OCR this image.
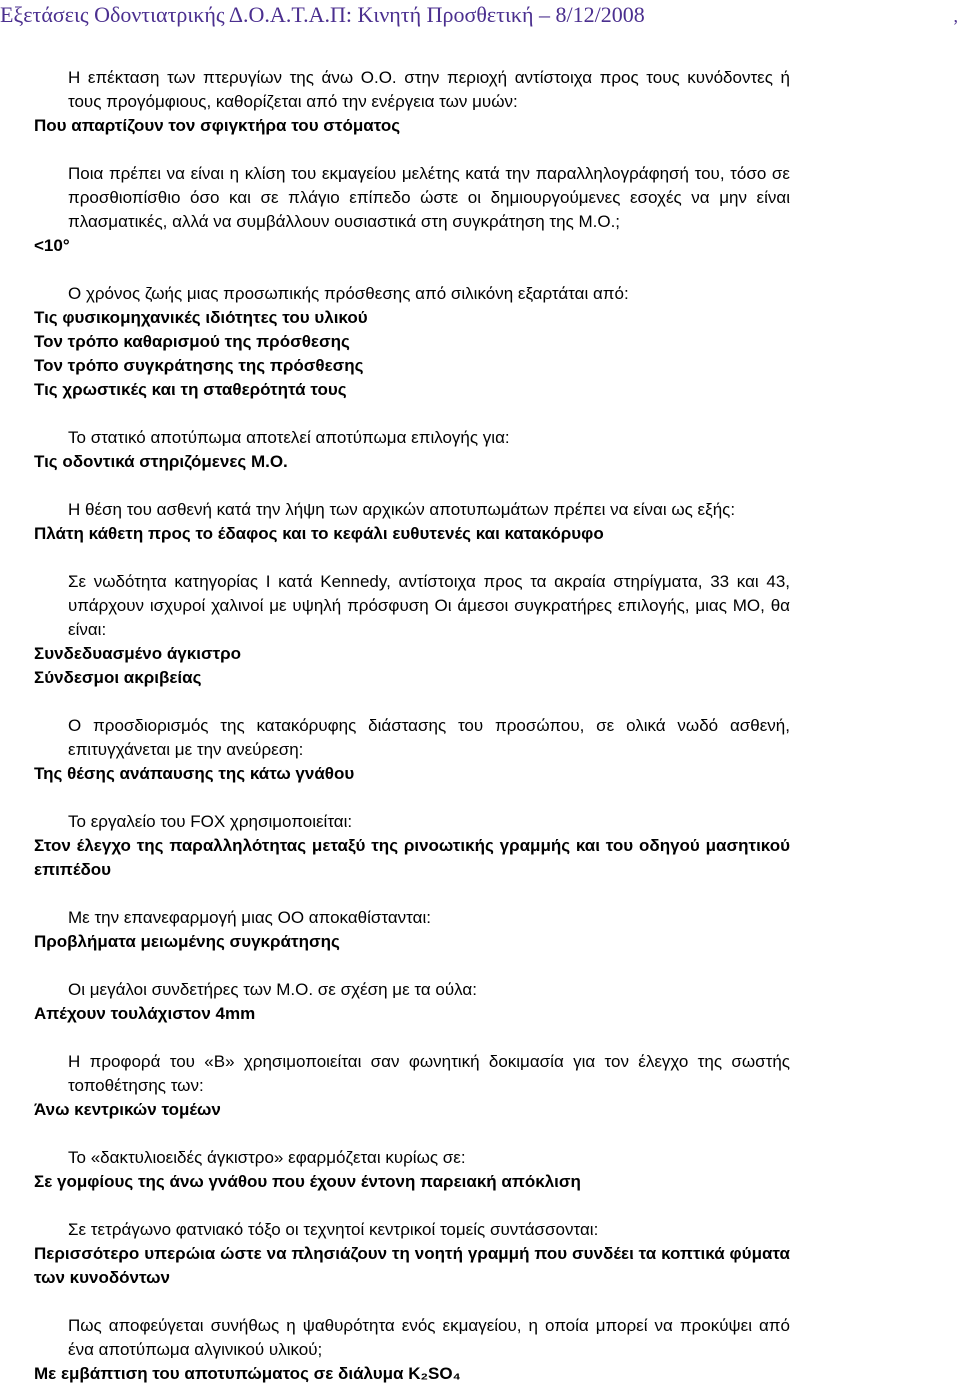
Εξετάσεις Οδοντιατρικής Δ.Ο.Α.Τ.Α.Π: Κινητή Προσθετική – 8/12/2008	,
Η επέκταση των πτερυγίων της άνω Ο.Ο. στην περιοχή αντίστοιχα προς τους κυνόδοντες ή τους προγόμφιους, καθορίζεται από την ενέργεια των μυών:
Που απαρτίζουν τον σφιγκτήρα του στόματος
Ποια πρέπει να είναι η κλίση του εκμαγείου μελέτης κατά την παραλληλογράφησή του, τόσο σε προσθιοπίσθιο όσο και σε πλάγιο επίπεδο ώστε οι δημιουργούμενες εσοχές να μην είναι πλασματικές, αλλά να συμβάλλουν ουσιαστικά στη συγκράτηση της Μ.Ο.;
<10°
Ο χρόνος ζωής μιας προσωπικής πρόσθεσης από σιλικόνη εξαρτάται από:
Τις φυσικομηχανικές ιδιότητες του υλικού
Τον τρόπο καθαρισμού της πρόσθεσης
Τον τρόπο συγκράτησης της πρόσθεσης
Τις χρωστικές και τη σταθερότητά τους
Το στατικό αποτύπωμα αποτελεί αποτύπωμα επιλογής για:
Τις οδοντικά στηριζόμενες Μ.Ο.
Η θέση του ασθενή κατά την λήψη των αρχικών αποτυπωμάτων πρέπει να είναι ως εξής:
Πλάτη κάθετη προς το έδαφος και το κεφάλι ευθυτενές και κατακόρυφο
Σε νωδότητα κατηγορίας Ι κατά Kennedy, αντίστοιχα προς τα ακραία στηρίγματα, 33 και 43, υπάρχουν ισχυροί χαλινοί με υψηλή πρόσφυση Οι άμεσοι συγκρατήρες επιλογής, μιας ΜΟ, θα είναι:
Συνδεδυασμένο άγκιστρο
Σύνδεσμοι ακριβείας
Ο προσδιορισμός της κατακόρυφης διάστασης του προσώπου, σε ολικά νωδό ασθενή, επιτυγχάνεται με την ανεύρεση:
Της θέσης ανάπαυσης της κάτω γνάθου
Το εργαλείο του FOX χρησιμοποιείται:
Στον έλεγχο της παραλληλότητας μεταξύ της ρινοωτικής γραμμής και του οδηγού μασητικού επιπέδου
Με την επανεφαρμογή μιας ΟΟ αποκαθίστανται:
Προβλήματα μειωμένης συγκράτησης
Οι μεγάλοι συνδετήρες των Μ.Ο. σε σχέση με τα ούλα:
Απέχουν τουλάχιστον 4mm
Η προφορά του «Β» χρησιμοποιείται σαν φωνητική δοκιμασία για τον έλεγχο της σωστής τοποθέτησης των:
Άνω κεντρικών τομέων
Το «δακτυλιοειδές άγκιστρο» εφαρμόζεται κυρίως σε:
Σε γομφίους της άνω γνάθου που έχουν έντονη παρειακή απόκλιση
Σε τετράγωνο φατνιακό τόξο οι τεχνητοί κεντρικοί τομείς συντάσσονται:
Περισσότερο υπερώια ώστε να πλησιάζουν τη νοητή γραμμή που συνδέει τα κοπτικά φύματα των κυνοδόντων
Πως αποφεύγεται συνήθως η ψαθυρότητα ενός εκμαγείου, η οποία μπορεί να προκύψει από ένα αποτύπωμα αλγινικού υλικού;
Με εμβάπτιση του αποτυπώματος σε διάλυμα K₂SO₄
